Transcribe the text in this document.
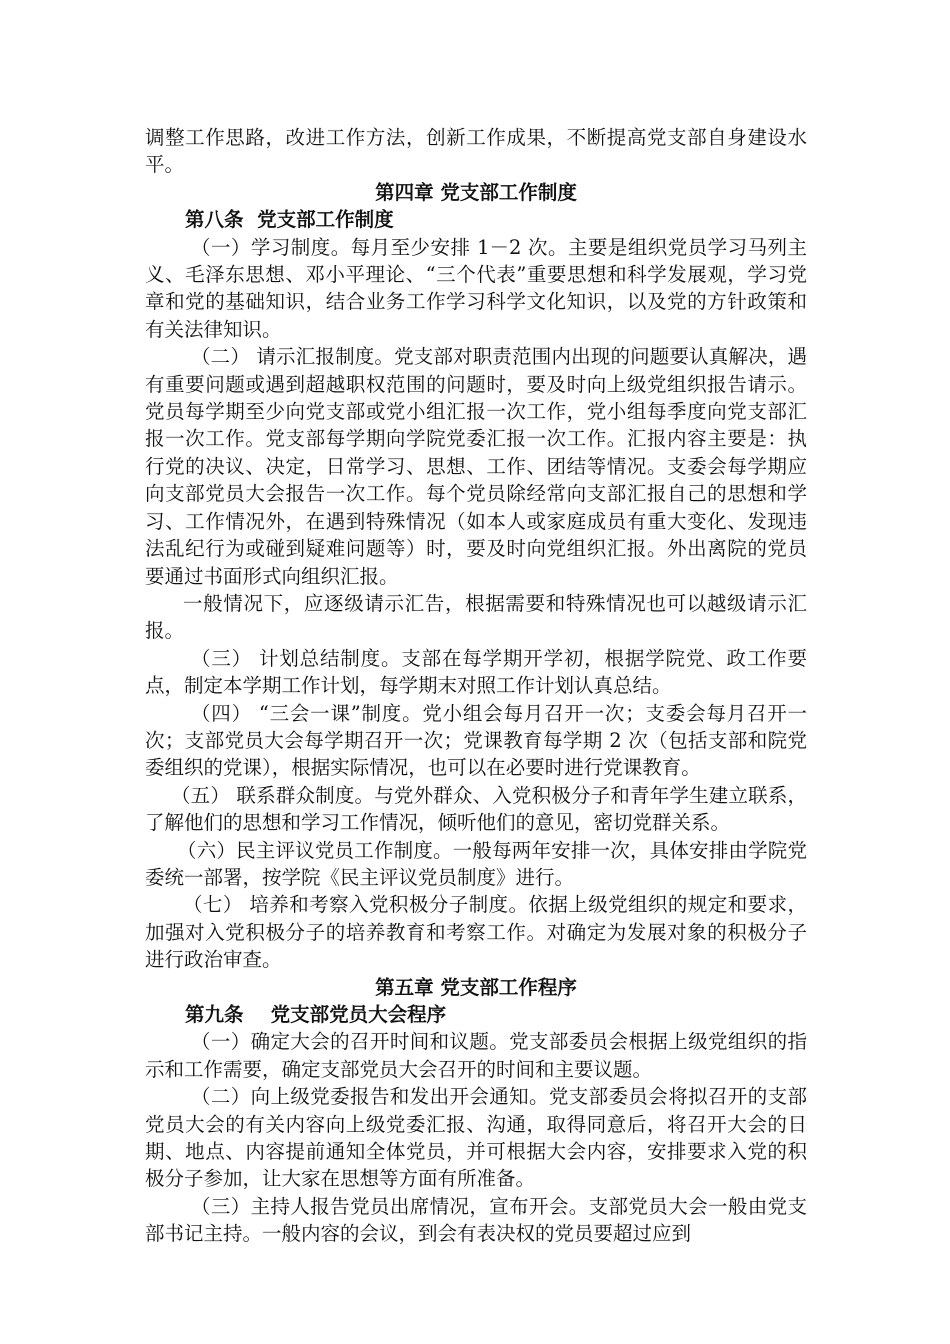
调整工作思路，改进工作方法，创新工作成果，不断提高党支部自身建设水平。

第四章 党支部工作制度

第八条  党支部工作制度

（一）学习制度。每月至少安排 1－2 次。主要是组织党员学习马列主义、毛泽东思想、邓小平理论、“三个代表”重要思想和科学发展观，学习党章和党的基础知识，结合业务工作学习科学文化知识，以及党的方针政策和有关法律知识。

（二） 请示汇报制度。党支部对职责范围内出现的问题要认真解决，遇有重要问题或遇到超越职权范围的问题时，要及时向上级党组织报告请示。党员每学期至少向党支部或党小组汇报一次工作，党小组每季度向党支部汇报一次工作。党支部每学期向学院党委汇报一次工作。汇报内容主要是：执行党的决议、决定，日常学习、思想、工作、团结等情况。支委会每学期应向支部党员大会报告一次工作。每个党员除经常向支部汇报自己的思想和学习、工作情况外，在遇到特殊情况（如本人或家庭成员有重大变化、发现违法乱纪行为或碰到疑难问题等）时，要及时向党组织汇报。外出离院的党员要通过书面形式向组织汇报。

一般情况下，应逐级请示汇告，根据需要和特殊情况也可以越级请示汇报。

（三） 计划总结制度。支部在每学期开学初，根据学院党、政工作要点，制定本学期工作计划，每学期末对照工作计划认真总结。

（四） “三会一课”制度。党小组会每月召开一次；支委会每月召开一次；支部党员大会每学期召开一次；党课教育每学期 2 次（包括支部和院党委组织的党课），根据实际情况，也可以在必要时进行党课教育。

（五） 联系群众制度。与党外群众、入党积极分子和青年学生建立联系，了解他们的思想和学习工作情况，倾听他们的意见，密切党群关系。

（六）民主评议党员工作制度。一般每两年安排一次，具体安排由学院党委统一部署，按学院《民主评议党员制度》进行。

（七） 培养和考察入党积极分子制度。依据上级党组织的规定和要求，加强对入党积极分子的培养教育和考察工作。对确定为发展对象的积极分子进行政治审查。

第五章 党支部工作程序

第九条    党支部党员大会程序

（一）确定大会的召开时间和议题。党支部委员会根据上级党组织的指示和工作需要，确定支部党员大会召开的时间和主要议题。

（二）向上级党委报告和发出开会通知。党支部委员会将拟召开的支部党员大会的有关内容向上级党委汇报、沟通，取得同意后，将召开大会的日期、地点、内容提前通知全体党员，并可根据大会内容，安排要求入党的积极分子参加，让大家在思想等方面有所准备。

（三）主持人报告党员出席情况，宣布开会。支部党员大会一般由党支部书记主持。一般内容的会议，到会有表决权的党员要超过应到
